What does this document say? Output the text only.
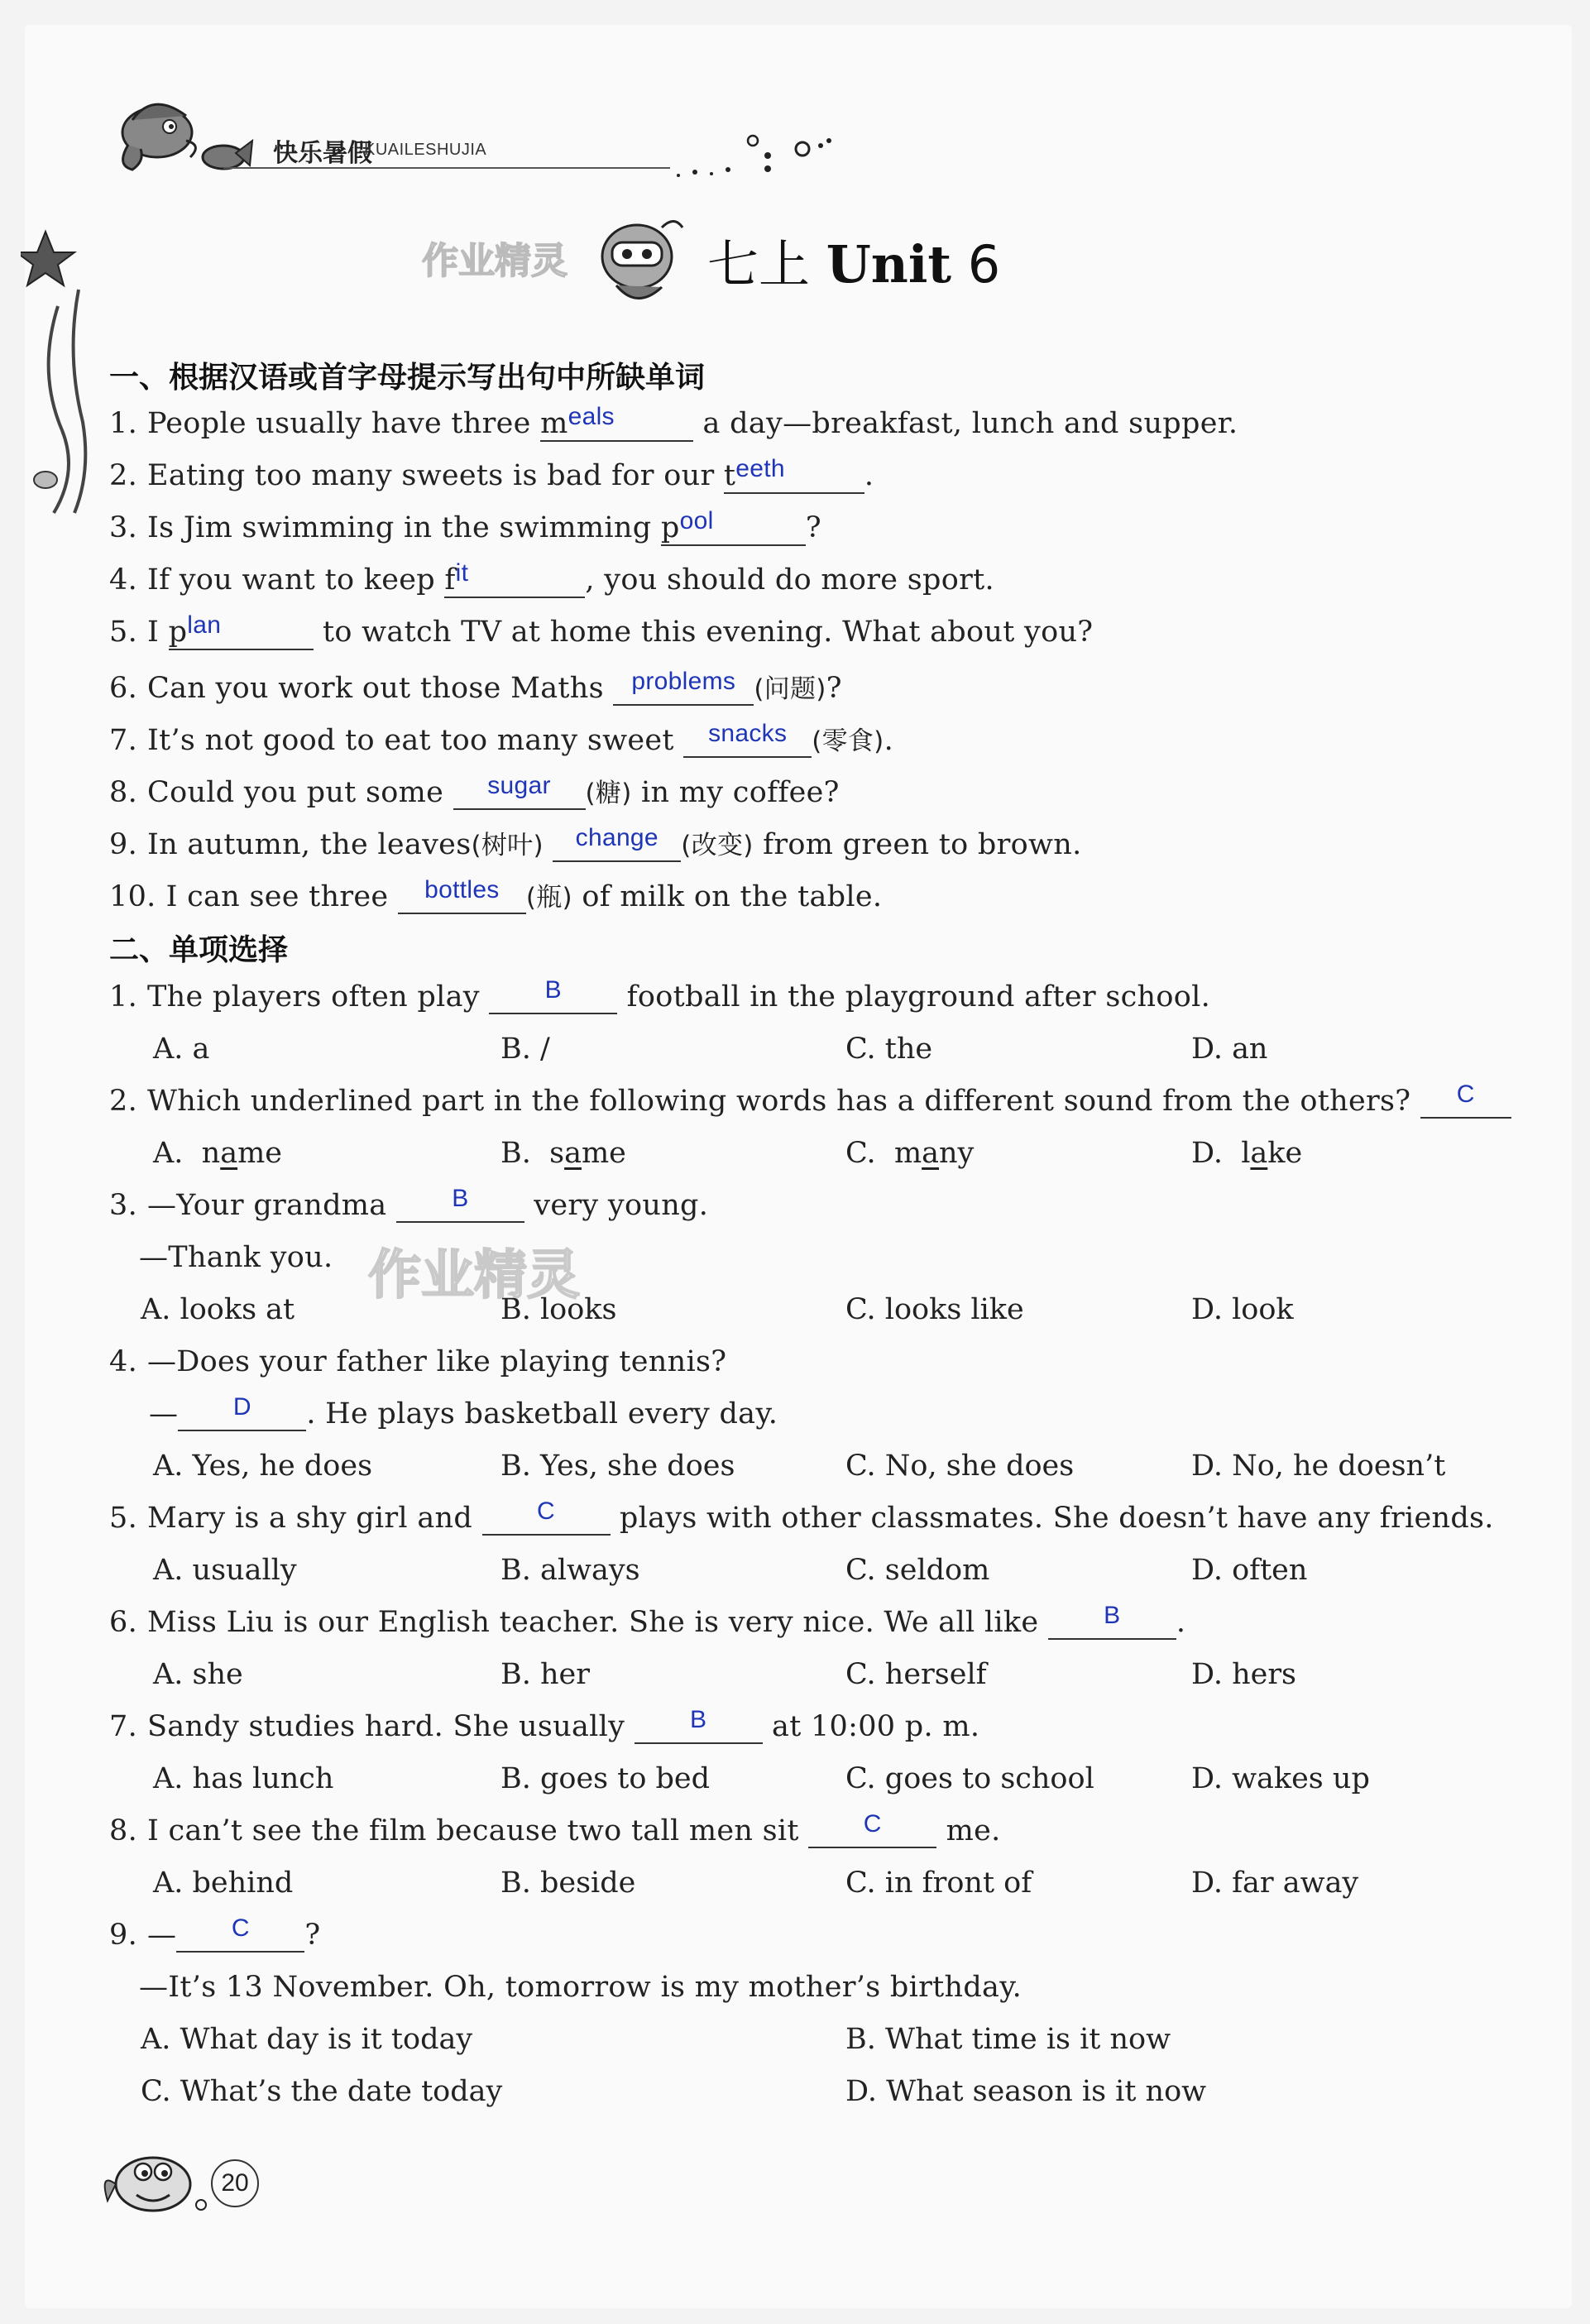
快乐暑假
KUAILESHUJIA
作业精灵	七上 Unit 6
一、根据汉语或首字母提示写出句中所缺单词
1. People usually have three meals	a day—breakfast, lunch and supper.
2. Eating too many sweets is bad for our teeth	.
3. Is Jim swimming in the swimming pool	?
4. If you want to keep fit	, you should do more sport.
5. I plan	to watch TV at home this evening. What about you?
6. Can you work out those Maths problems (问题)?
7. It’s not good to eat too many sweet snacks (零食).
8. Could you put some	sugar	(糖) in my coffee?
9. In autumn, the leaves(树叶)	change (改变) from green to brown.
10. I can see three	bottles	(瓶) of milk on the table.
二、单项选择
1. The players often play	B	football in the playground after school.
A. a	B. /	C. the	D. an
2. Which underlined part in the following words has a different sound from the others?	C
A. name	B. same	C. many	D. lake
3. —Your grandma	B	very young.
—Thank you. 作业精灵
A. looks at	B. looks	C. looks like	D. look
4. —Does your father like playing tennis?
—	D	. He plays basketball every day.
A. Yes, he does	B. Yes, she does	C. No, she does	D. No, he doesn’t
5. Mary is a shy girl and	C	plays with other classmates. She doesn’t have any friends.
A. usually	B. always	C. seldom	D. often
6. Miss Liu is our English teacher. She is very nice. We all like	B	.
A. she	B. her	C. herself	D. hers
7. Sandy studies hard. She usually	B	at 10:00 p. m.
A. has lunch	B. goes to bed	C. goes to school	D. wakes up
8. I can’t see the film because two tall men sit	C	me.
A. behind	B. beside	C. in front of	D. far away
9. —	C	?
—It’s 13 November. Oh, tomorrow is my mother’s birthday.
A. What day is it today	B. What time is it now
C. What’s the date today	D. What season is it now
20
